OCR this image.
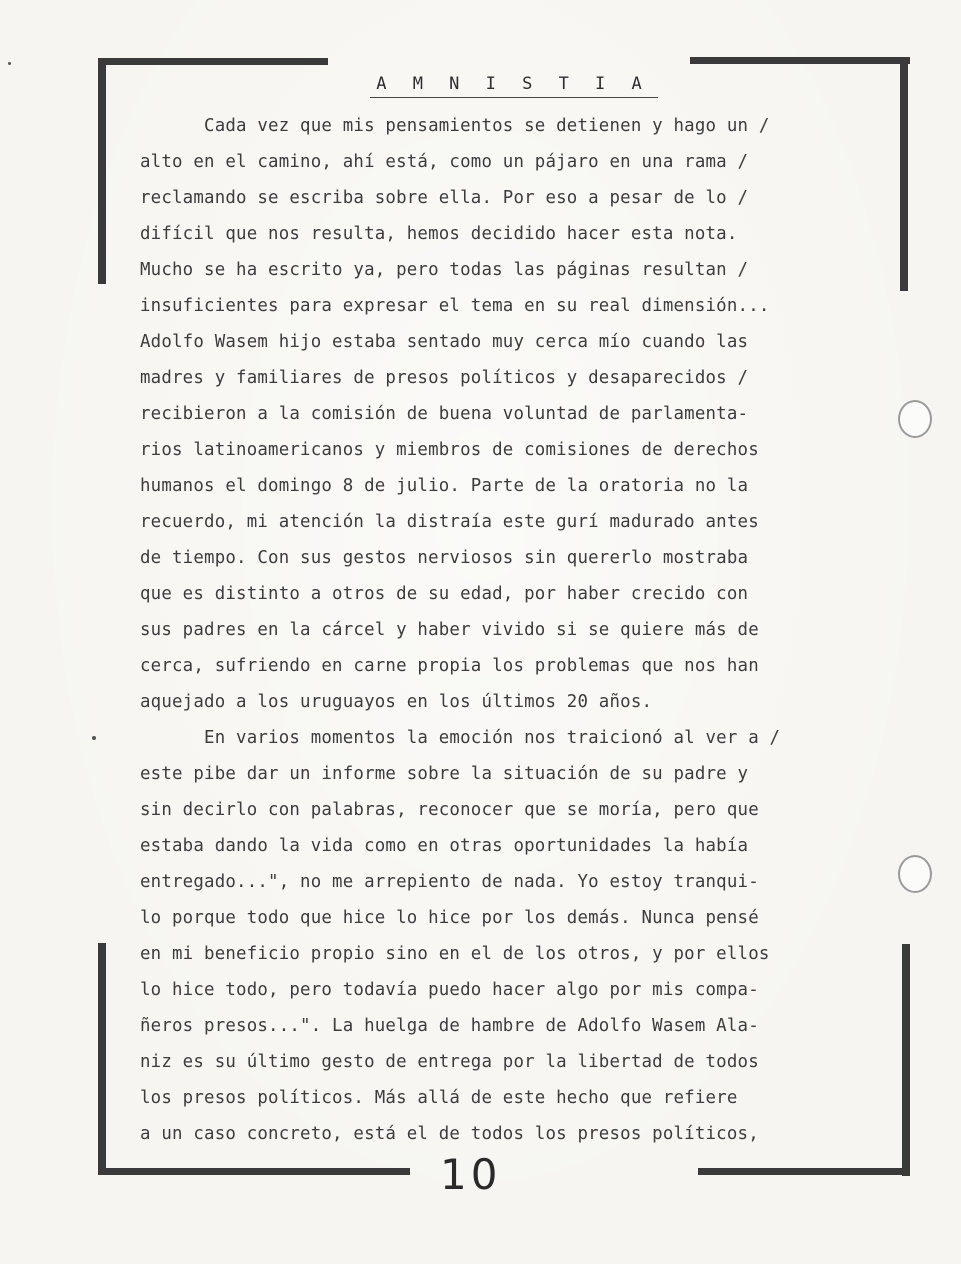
A M N I S T I A
Cada vez que mis pensamientos se detienen y hago un /
alto en el camino, ahí está, como un pájaro en una rama /
reclamando se escriba sobre ella. Por eso a pesar de lo /
difícil que nos resulta, hemos decidido hacer esta nota.
Mucho se ha escrito ya, pero todas las páginas resultan /
insuficientes para expresar el tema en su real dimensión...
Adolfo Wasem hijo estaba sentado muy cerca mío cuando las
madres y familiares de presos políticos y desaparecidos /
recibieron a la comisión de buena voluntad de parlamenta-
rios latinoamericanos y miembros de comisiones de derechos
humanos el domingo 8 de julio. Parte de la oratoria no la
recuerdo, mi atención la distraía este gurí madurado antes
de tiempo. Con sus gestos nerviosos sin quererlo mostraba
que es distinto a otros de su edad, por haber crecido con
sus padres en la cárcel y haber vivido si se quiere más de
cerca, sufriendo en carne propia los problemas que nos han
aquejado a los uruguayos en los últimos 20 años.
En varios momentos la emoción nos traicionó al ver a /
este pibe dar un informe sobre la situación de su padre y
sin decirlo con palabras, reconocer que se moría, pero que
estaba dando la vida como en otras oportunidades la había
entregado...", no me arrepiento de nada. Yo estoy tranqui-
lo porque todo que hice lo hice por los demás. Nunca pensé
en mi beneficio propio sino en el de los otros, y por ellos
lo hice todo, pero todavía puedo hacer algo por mis compa-
ñeros presos...". La huelga de hambre de Adolfo Wasem Ala-
niz es su último gesto de entrega por la libertad de todos
los presos políticos. Más allá de este hecho que refiere
a un caso concreto, está el de todos los presos políticos,
10
